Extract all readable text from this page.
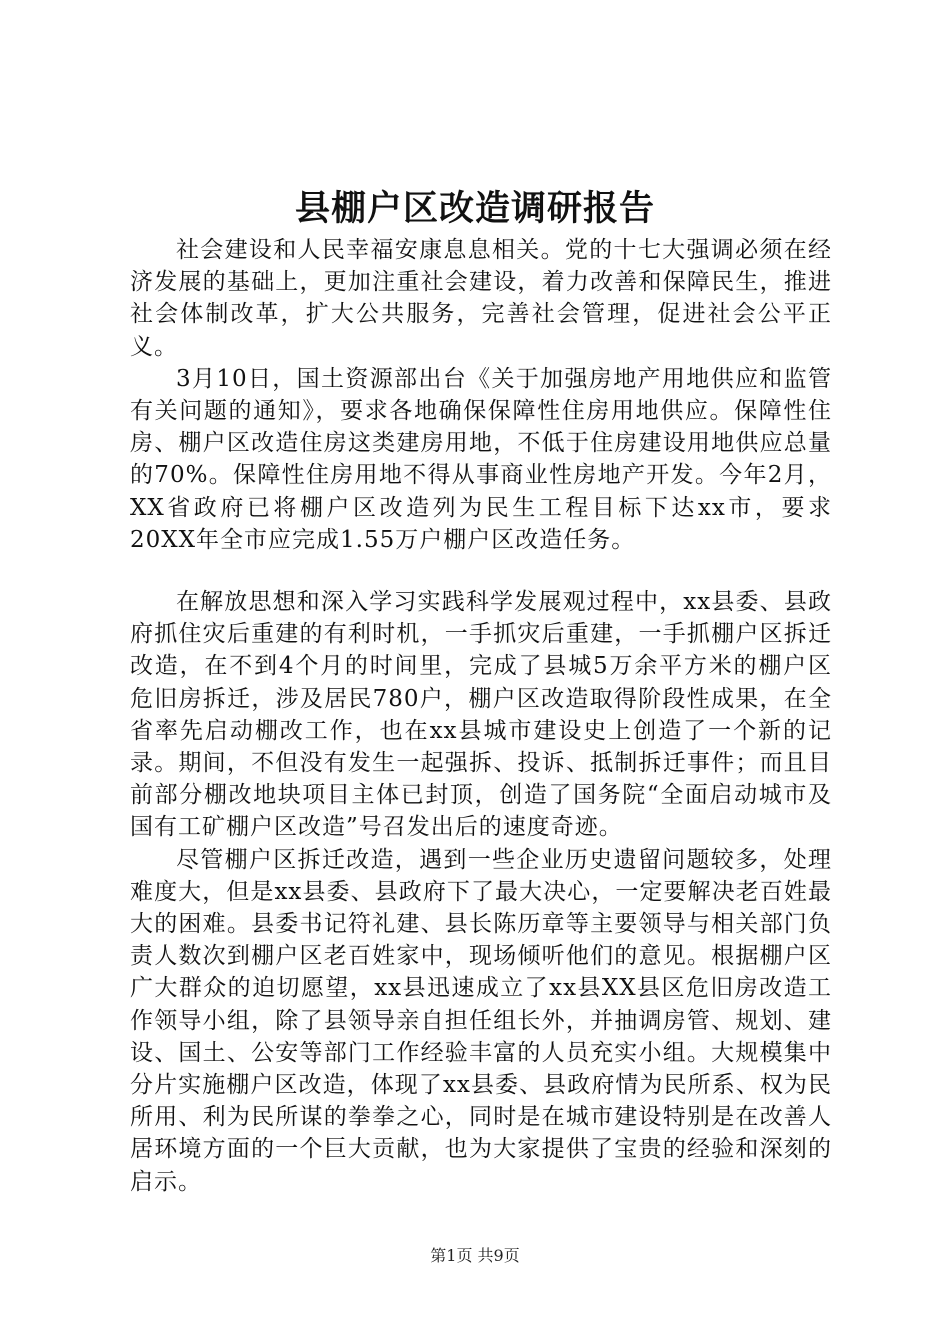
县棚户区改造调研报告

社会建设和人民幸福安康息息相关。党的十七大强调必须在经济发展的基础上，更加注重社会建设，着力改善和保障民生，推进社会体制改革，扩大公共服务，完善社会管理，促进社会公平正义。

3月10日，国土资源部出台《关于加强房地产用地供应和监管有关问题的通知》，要求各地确保保障性住房用地供应。保障性住房、棚户区改造住房这类建房用地，不低于住房建设用地供应总量的70%。保障性住房用地不得从事商业性房地产开发。今年2月，XX省政府已将棚户区改造列为民生工程目标下达xx市，要求20XX年全市应完成1.55万户棚户区改造任务。

在解放思想和深入学习实践科学发展观过程中，xx县委、县政府抓住灾后重建的有利时机，一手抓灾后重建，一手抓棚户区拆迁改造，在不到4个月的时间里，完成了县城5万余平方米的棚户区危旧房拆迁，涉及居民780户，棚户区改造取得阶段性成果，在全省率先启动棚改工作，也在xx县城市建设史上创造了一个新的记录。期间，不但没有发生一起强拆、投诉、抵制拆迁事件；而且目前部分棚改地块项目主体已封顶，创造了国务院“全面启动城市及国有工矿棚户区改造”号召发出后的速度奇迹。

尽管棚户区拆迁改造，遇到一些企业历史遗留问题较多，处理难度大，但是xx县委、县政府下了最大决心，一定要解决老百姓最大的困难。县委书记符礼建、县长陈历章等主要领导与相关部门负责人数次到棚户区老百姓家中，现场倾听他们的意见。根据棚户区广大群众的迫切愿望，xx县迅速成立了xx县XX县区危旧房改造工作领导小组，除了县领导亲自担任组长外，并抽调房管、规划、建设、国土、公安等部门工作经验丰富的人员充实小组。大规模集中分片实施棚户区改造，体现了xx县委、县政府情为民所系、权为民所用、利为民所谋的拳拳之心，同时是在城市建设特别是在改善人居环境方面的一个巨大贡献，也为大家提供了宝贵的经验和深刻的启示。

第1页 共9页
